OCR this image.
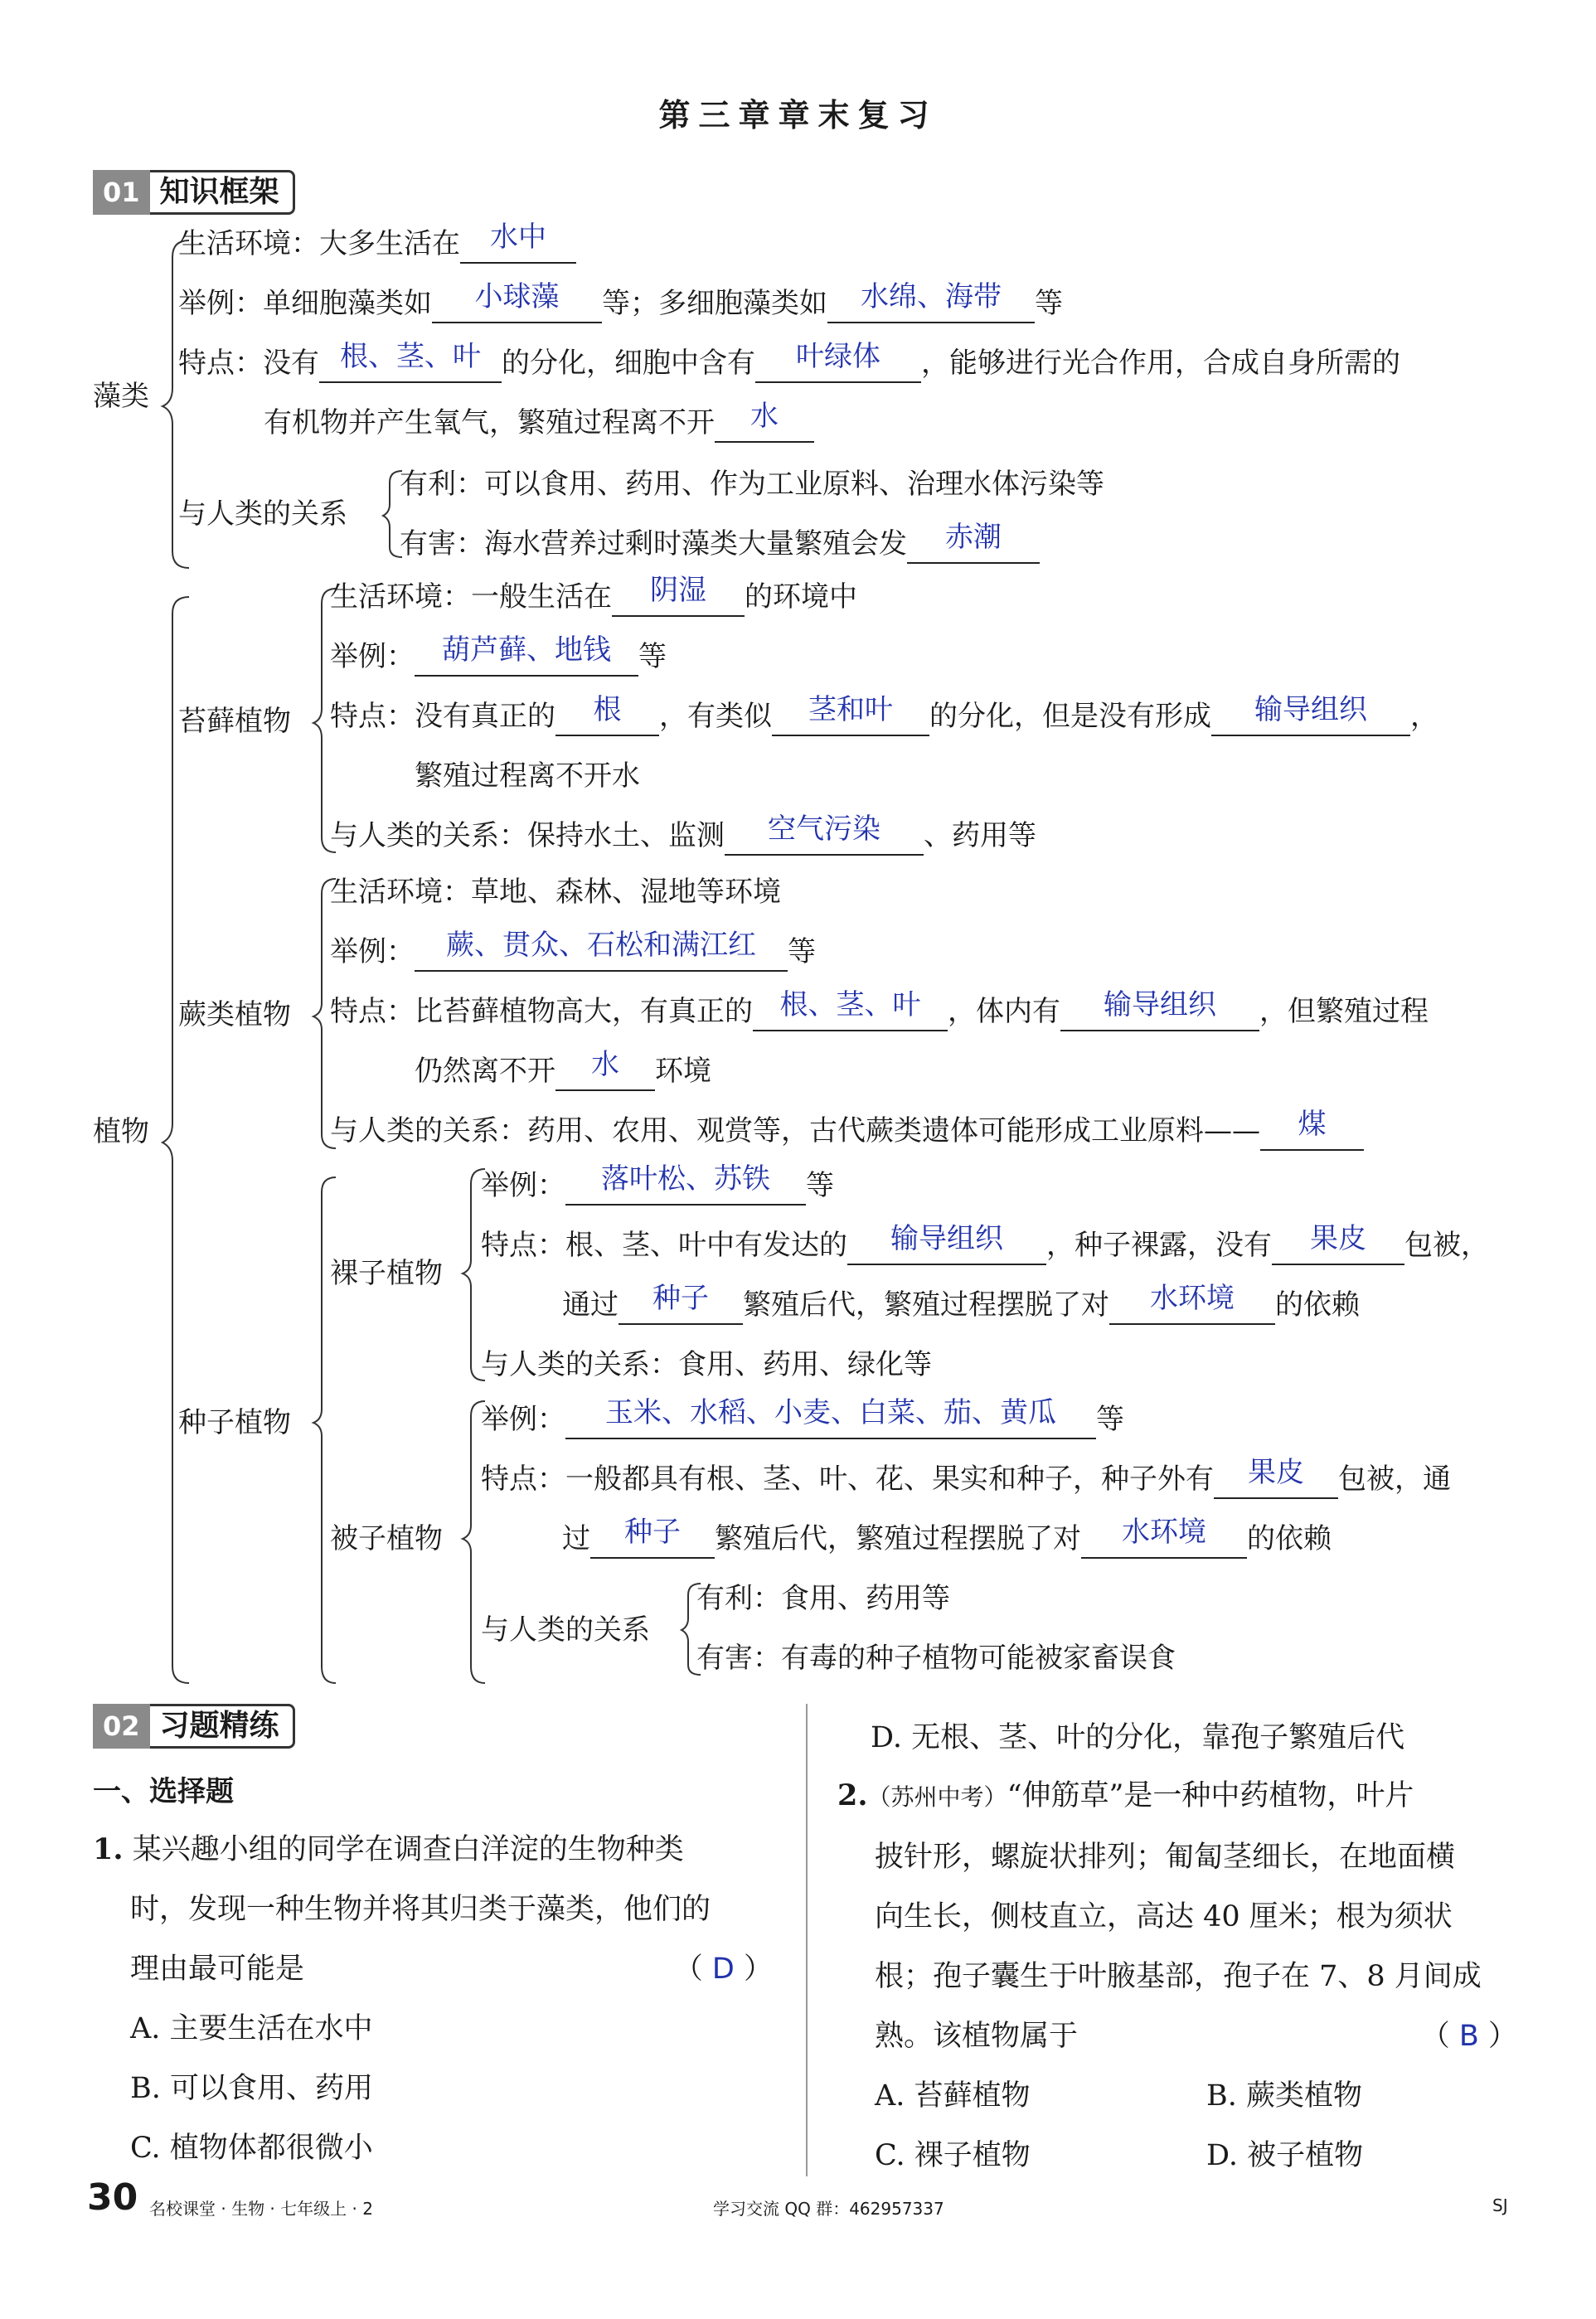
第三章章末复习
01 知识框架
藻类
生活环境：大多生活在 水中
举例：单细胞藻类如 小球藻 等；多细胞藻类如 水绵、海带 等
特点：没有 根、茎、叶 的分化，细胞中含有 叶绿体 ，能够进行光合作用，合成自身所需的
有机物并产生氧气，繁殖过程离不开 水
与人类的关系
有利：可以食用、药用、作为工业原料、治理水体污染等
有害：海水营养过剩时藻类大量繁殖会发 赤潮
植物
苔藓植物
生活环境：一般生活在 阴湿 的环境中
举例： 葫芦藓、地钱 等
特点：没有真正的 根 ，有类似 茎和叶 的分化，但是没有形成 输导组织 ，
繁殖过程离不开水
与人类的关系：保持水土、监测 空气污染 、药用等
蕨类植物
生活环境：草地、森林、湿地等环境
举例： 蕨、贯众、石松和满江红 等
特点：比苔藓植物高大，有真正的 根、茎、叶 ，体内有 输导组织 ，但繁殖过程
仍然离不开 水 环境
与人类的关系：药用、农用、观赏等，古代蕨类遗体可能形成工业原料—— 煤
种子植物
裸子植物
举例： 落叶松、苏铁 等
特点：根、茎、叶中有发达的 输导组织 ，种子裸露，没有 果皮 包被，
通过 种子 繁殖后代，繁殖过程摆脱了对 水环境 的依赖
与人类的关系：食用、药用、绿化等
被子植物
举例： 玉米、水稻、小麦、白菜、茄、黄瓜 等
特点：一般都具有根、茎、叶、花、果实和种子，种子外有 果皮 包被，通
过 种子 繁殖后代，繁殖过程摆脱了对 水环境 的依赖
与人类的关系
有利：食用、药用等
有害：有毒的种子植物可能被家畜误食
02 习题精练
一、选择题
1. 某兴趣小组的同学在调查白洋淀的生物种类
时，发现一种生物并将其归类于藻类，他们的
理由最可能是	（ D ）
A. 主要生活在水中
B. 可以食用、药用
C. 植物体都很微小
D. 无根、茎、叶的分化，靠孢子繁殖后代
2.（苏州中考）“伸筋草”是一种中药植物，叶片
披针形，螺旋状排列；匍匐茎细长，在地面横
向生长，侧枝直立，高达 40 厘米；根为须状
根；孢子囊生于叶腋基部，孢子在 7、8 月间成
熟。该植物属于	（ B ）
A. 苔藓植物	B. 蕨类植物
C. 裸子植物	D. 被子植物
30 名校课堂 · 生物 · 七年级上 · 2	学习交流 QQ 群：462957337	SJ
